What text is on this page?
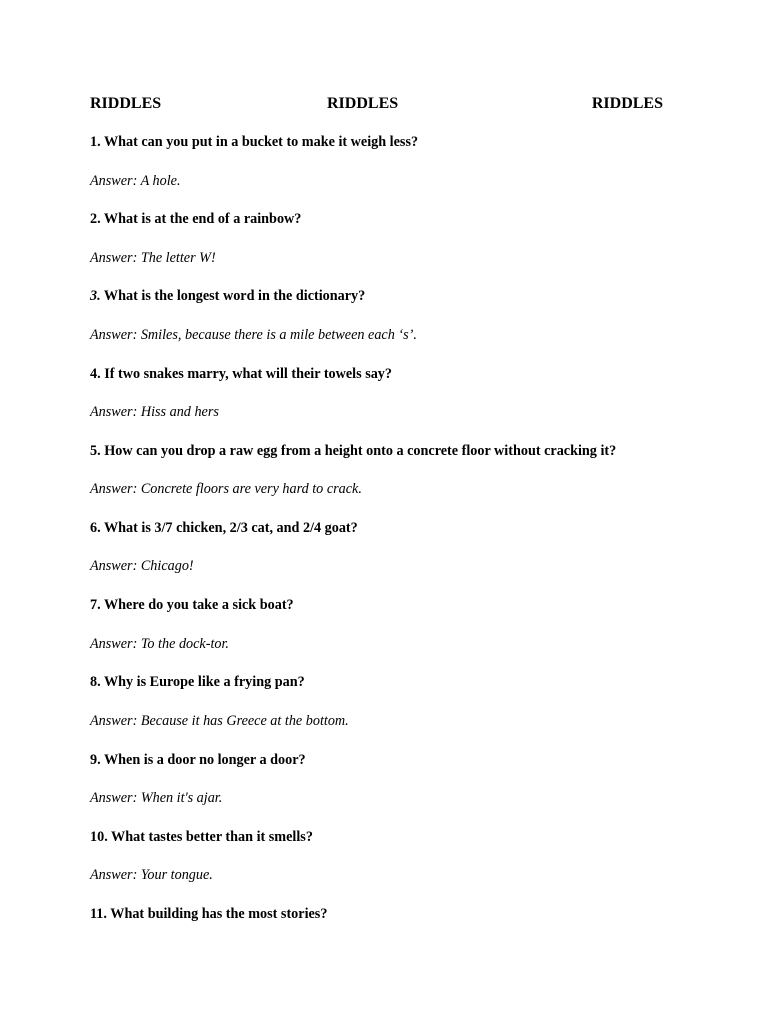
RIDDLES	RIDDLES	RIDDLES
1. What can you put in a bucket to make it weigh less?
Answer: A hole.
2. What is at the end of a rainbow?
Answer: The letter W!
3. What is the longest word in the dictionary?
Answer: Smiles, because there is a mile between each ‘s’.
4. If two snakes marry, what will their towels say?
Answer: Hiss and hers
5. How can you drop a raw egg from a height onto a concrete floor without cracking it?
Answer: Concrete floors are very hard to crack.
6. What is 3/7 chicken, 2/3 cat, and 2/4 goat?
Answer: Chicago!
7. Where do you take a sick boat?
Answer: To the dock-tor.
8. Why is Europe like a frying pan?
Answer: Because it has Greece at the bottom.
9. When is a door no longer a door?
Answer: When it's ajar.
10. What tastes better than it smells?
Answer: Your tongue.
11. What building has the most stories?
